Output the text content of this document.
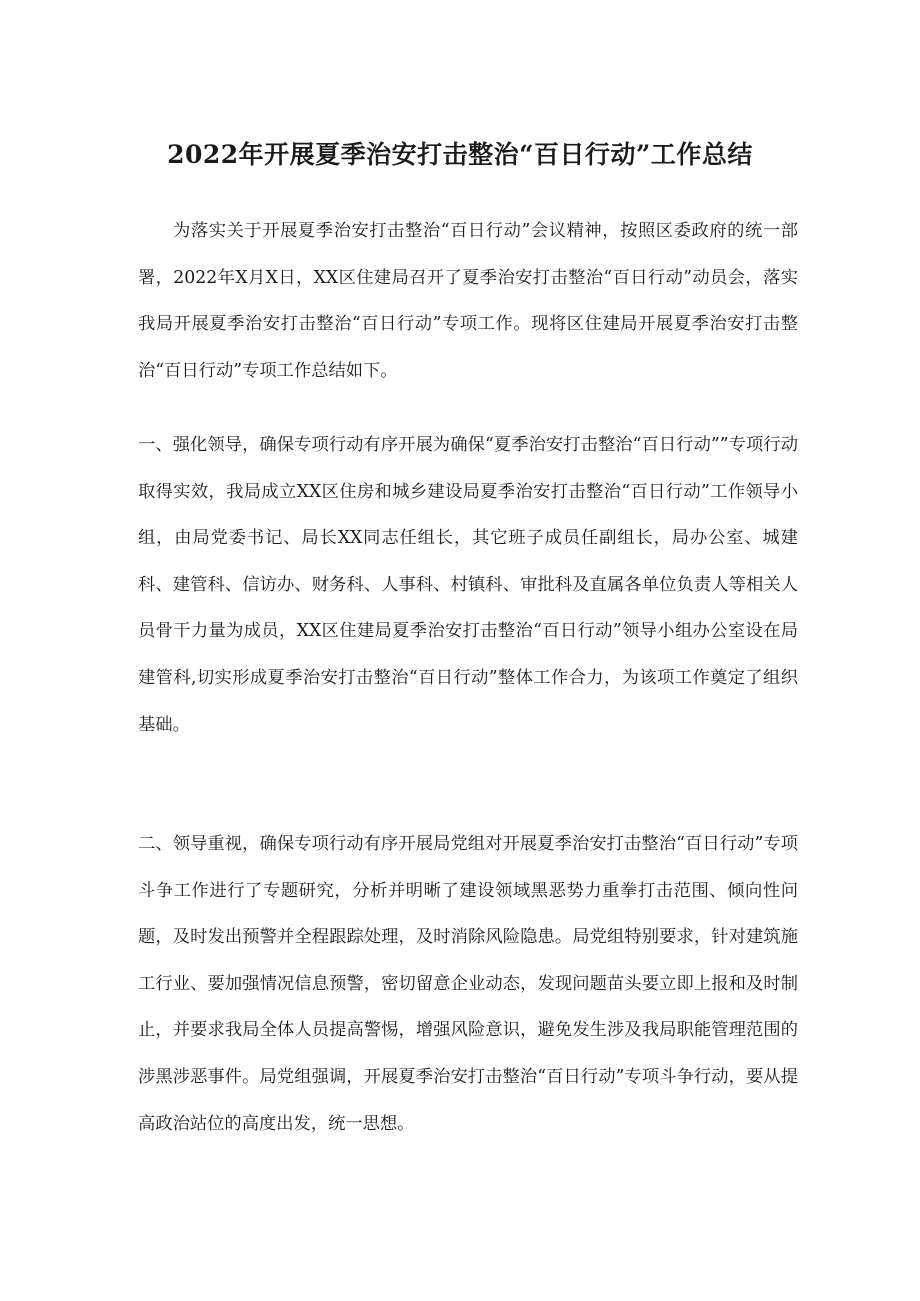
2022年开展夏季治安打击整治“百日行动”工作总结

为落实关于开展夏季治安打击整治“百日行动”会议精神，按照区委政府的统一部署，2022年X月X日，XX区住建局召开了夏季治安打击整治“百日行动”动员会，落实我局开展夏季治安打击整治“百日行动”专项工作。现将区住建局开展夏季治安打击整治“百日行动”专项工作总结如下。

一、强化领导，确保专项行动有序开展为确保“夏季治安打击整治“百日行动””专项行动取得实效，我局成立XX区住房和城乡建设局夏季治安打击整治“百日行动”工作领导小组，由局党委书记、局长XX同志任组长，其它班子成员任副组长，局办公室、城建科、建管科、信访办、财务科、人事科、村镇科、审批科及直属各单位负责人等相关人员骨干力量为成员，XX区住建局夏季治安打击整治“百日行动”领导小组办公室设在局建管科,切实形成夏季治安打击整治“百日行动”整体工作合力，为该项工作奠定了组织基础。

二、领导重视，确保专项行动有序开展局党组对开展夏季治安打击整治“百日行动”专项斗争工作进行了专题研究，分析并明晰了建设领域黑恶势力重拳打击范围、倾向性问题，及时发出预警并全程跟踪处理，及时消除风险隐患。局党组特别要求，针对建筑施工行业、要加强情况信息预警，密切留意企业动态，发现问题苗头要立即上报和及时制止，并要求我局全体人员提高警惕，增强风险意识，避免发生涉及我局职能管理范围的涉黑涉恶事件。局党组强调，开展夏季治安打击整治“百日行动”专项斗争行动，要从提高政治站位的高度出发，统一思想。
